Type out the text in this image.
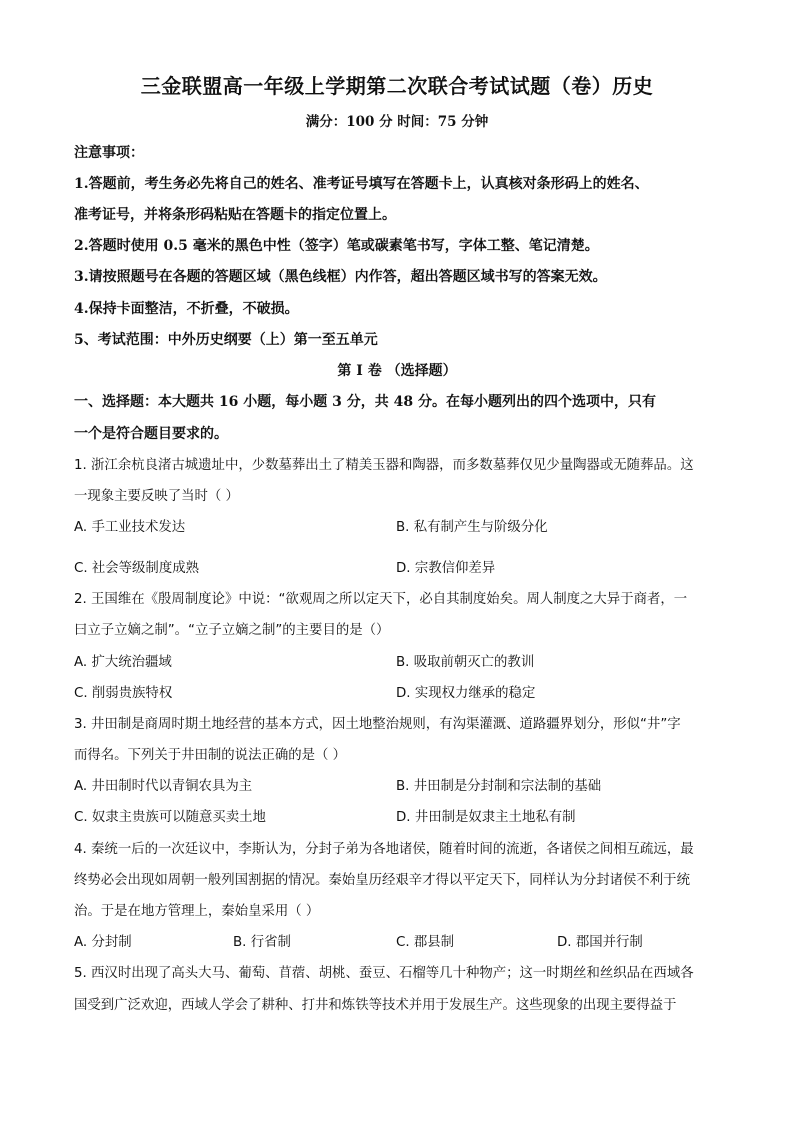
三金联盟高一年级上学期第二次联合考试试题（卷）历史
满分：100 分 时间：75 分钟
注意事项：
1.答题前，考生务必先将自己的姓名、准考证号填写在答题卡上，认真核对条形码上的姓名、
准考证号，并将条形码粘贴在答题卡的指定位置上。
2.答题时使用 0.5 毫米的黑色中性（签字）笔或碳素笔书写，字体工整、笔记清楚。
3.请按照题号在各题的答题区域（黑色线框）内作答，超出答题区域书写的答案无效。
4.保持卡面整洁，不折叠，不破损。
5、考试范围：中外历史纲要（上）第一至五单元
第 I 卷 （选择题）
一、选择题：本大题共 16 小题，每小题 3 分，共 48 分。在每小题列出的四个选项中，只有
一个是符合题目要求的。
1. 浙江余杭良渚古城遗址中，少数墓葬出土了精美玉器和陶器，而多数墓葬仅见少量陶器或无随葬品。这
一现象主要反映了当时（ ）
A. 手工业技术发达	B. 私有制产生与阶级分化
C. 社会等级制度成熟	D. 宗教信仰差异
2. 王国维在《殷周制度论》中说：“欲观周之所以定天下，必自其制度始矣。周人制度之大异于商者，一
曰立子立嫡之制”。“立子立嫡之制”的主要目的是（）
A. 扩大统治疆域	B. 吸取前朝灭亡的教训
C. 削弱贵族特权	D. 实现权力继承的稳定
3. 井田制是商周时期土地经营的基本方式，因土地整治规则，有沟渠灌溉、道路疆界划分，形似“井”字
而得名。下列关于井田制的说法正确的是（ ）
A. 井田制时代以青铜农具为主	B. 井田制是分封制和宗法制的基础
C. 奴隶主贵族可以随意买卖土地	D. 井田制是奴隶主土地私有制
4. 秦统一后的一次廷议中，李斯认为，分封子弟为各地诸侯，随着时间的流逝，各诸侯之间相互疏远，最
终势必会出现如周朝一般列国割据的情况。秦始皇历经艰辛才得以平定天下，同样认为分封诸侯不利于统
治。于是在地方管理上，秦始皇采用（ ）
A. 分封制	B. 行省制	C. 郡县制	D. 郡国并行制
5. 西汉时出现了高头大马、葡萄、苜蓿、胡桃、蚕豆、石榴等几十种物产；这一时期丝和丝织品在西域各
国受到广泛欢迎，西域人学会了耕种、打井和炼铁等技术并用于发展生产。这些现象的出现主要得益于
